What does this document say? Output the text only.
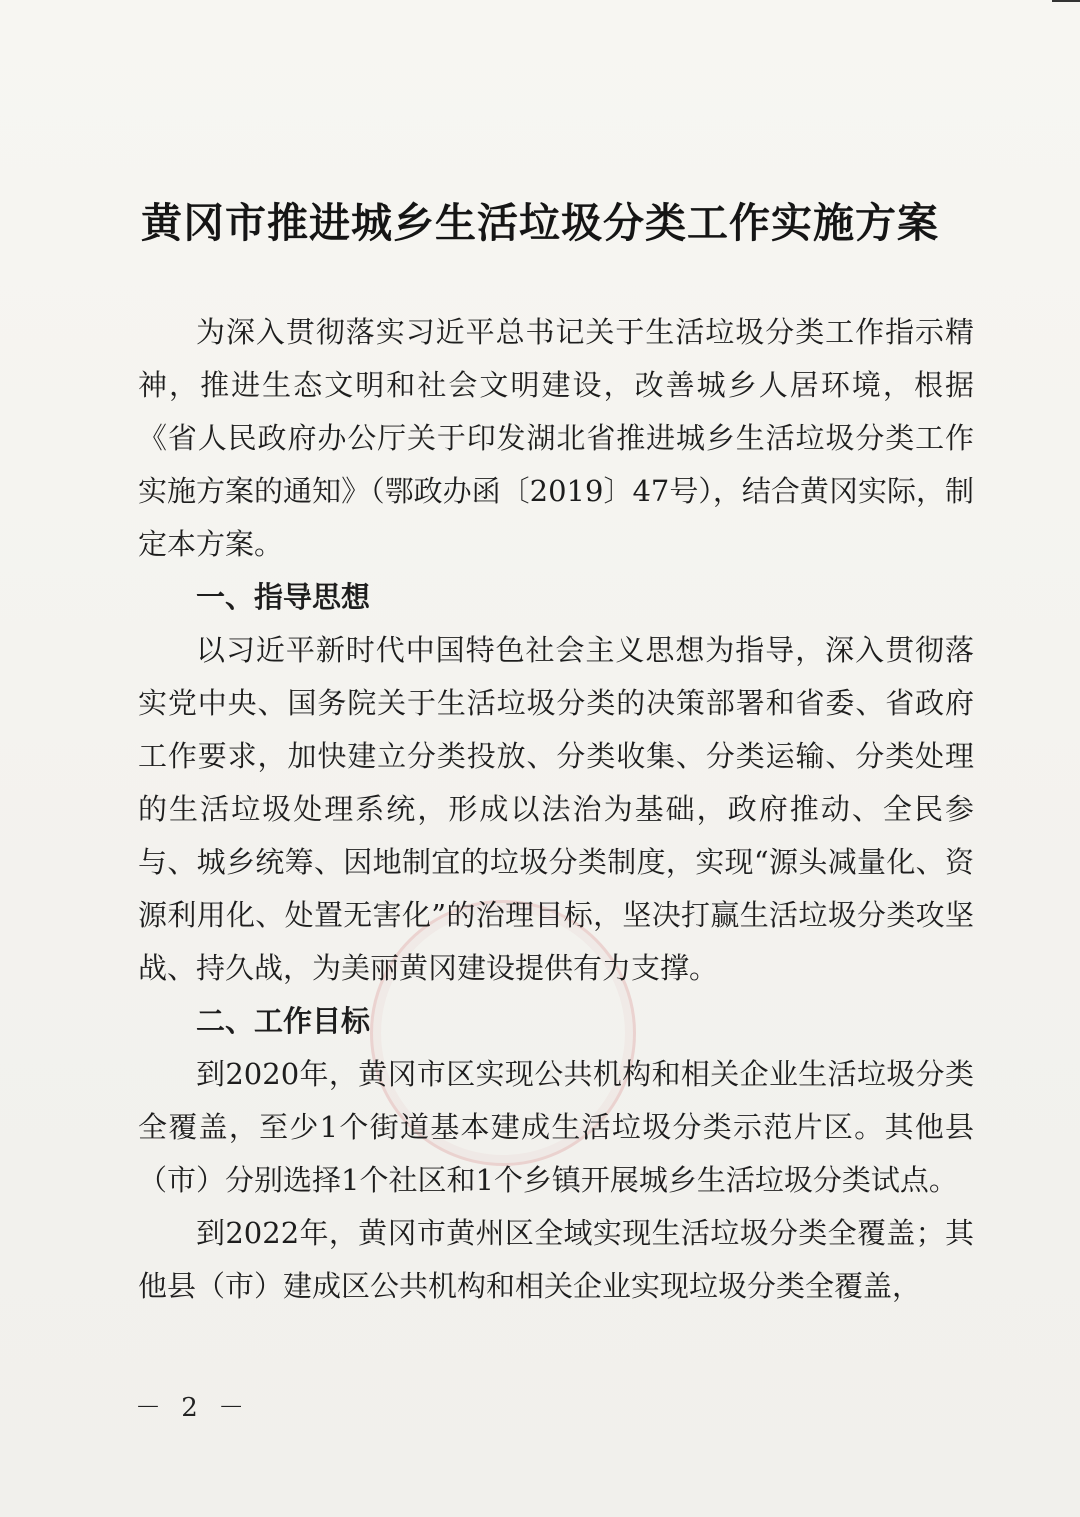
黄冈市推进城乡生活垃圾分类工作实施方案

为深入贯彻落实习近平总书记关于生活垃圾分类工作指示精神，推进生态文明和社会文明建设，改善城乡人居环境，根据《省人民政府办公厅关于印发湖北省推进城乡生活垃圾分类工作实施方案的通知》（鄂政办函〔2019〕47号），结合黄冈实际，制定本方案。

一、指导思想

以习近平新时代中国特色社会主义思想为指导，深入贯彻落实党中央、国务院关于生活垃圾分类的决策部署和省委、省政府工作要求，加快建立分类投放、分类收集、分类运输、分类处理的生活垃圾处理系统，形成以法治为基础，政府推动、全民参与、城乡统筹、因地制宜的垃圾分类制度，实现“源头减量化、资源利用化、处置无害化”的治理目标，坚决打赢生活垃圾分类攻坚战、持久战，为美丽黄冈建设提供有力支撑。

二、工作目标

到2020年，黄冈市区实现公共机构和相关企业生活垃圾分类全覆盖，至少1个街道基本建成生活垃圾分类示范片区。其他县（市）分别选择1个社区和1个乡镇开展城乡生活垃圾分类试点。

到2022年，黄冈市黄州区全域实现生活垃圾分类全覆盖；其他县（市）建成区公共机构和相关企业实现垃圾分类全覆盖，

－ 2 －
